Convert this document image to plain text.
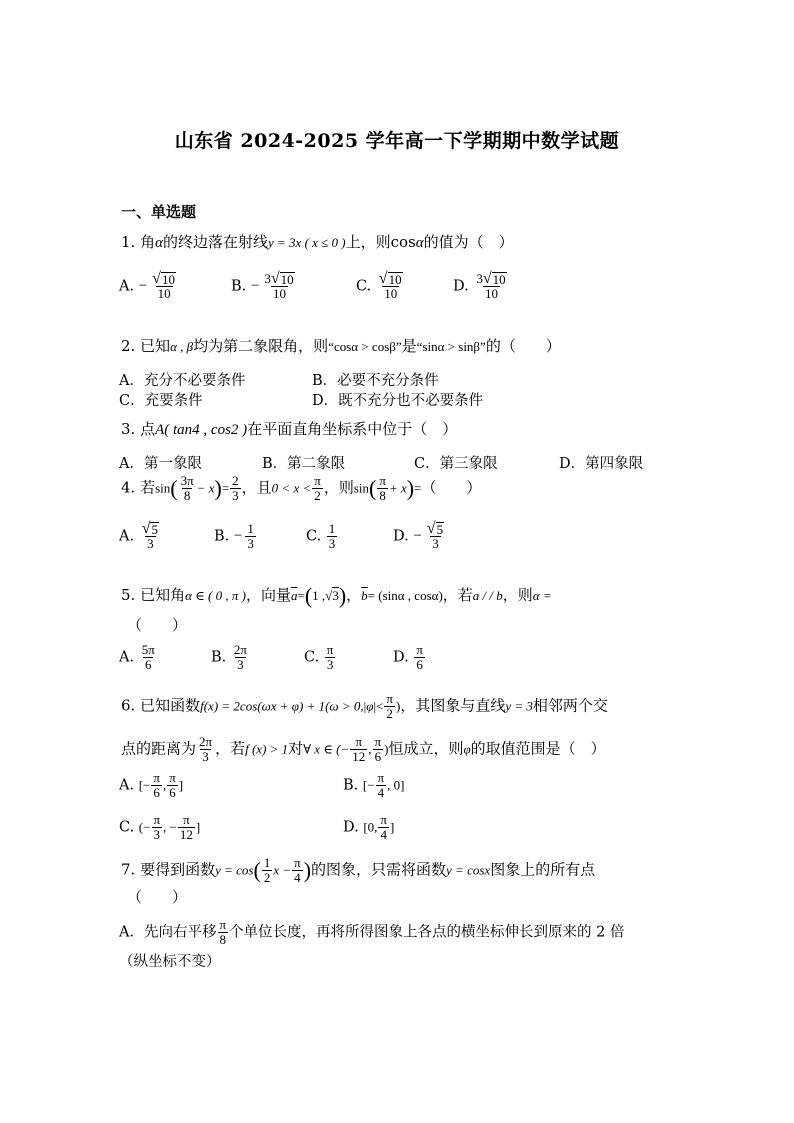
山东省 2024-2025 学年高一下学期期中数学试题
一、单选题
1. 角α的终边落在射线y = 3x ( x ≤ 0 )上，则cosα的值为（　）
A. − $\frac{√ 10}{10}$	B. − $\frac{3 √ 10}{10}$	C. $\frac{√ 10}{10}$	D. $\frac{3 √ 10}{10}$
2. 已知α , β均为第二象限角，则“cosα > cosβ”是“sinα > sinβ”的（　　）
A．充分不必要条件	B．必要不充分条件
C．充要条件	D．既不充分也不必要条件
3. 点A( tan4 , cos2 )在平面直角坐标系中位于（　）
A．第一象限	B．第二象限	C．第三象限	D．第四象限
4. 若$\sin( \frac{3\pi}{8} - x)= \frac{2}{3}$ ，且$0 < x < \frac{\pi}{2}$ ，则$\sin( \frac{\pi}{8} + x)=$（　　）
A. $\frac{√ 5}{3}$	B. − $\frac{1}{3}$	C. $\frac{1}{3}$	D. − $\frac{√ 5}{3}$
5. 已知角α ∈ ( 0 , π )，向量$\overline{a}=(1$ ,√3)，$\overline{b}= (\sin\alpha$ , cosα)，若a / / b，则α =
（　　）
A. $\frac{5\pi}{6}$	B. $\frac{2\pi}{3}$	C. $\frac{\pi}{3}$	D. $\frac{\pi}{6}$
6. 已知函数$f(x) = 2\cos(\omega x + \varphi) + 1(\omega > 0,|\varphi|< \frac{\pi}{2}$ )，其图象与直线y = 3相邻两个交
点的距离为 $\frac{2\pi}{3}$ ，若f (x) > 1对∀ x ∈ (− $\frac{\pi}{12}$ , $\frac{\pi}{6}$ )恒成立，则φ的取值范围是（　）
A. [− $\frac{\pi}{6}$ , $\frac{\pi}{6}$ ]	B. [− $\frac{\pi}{4}$ , 0]
C. (− $\frac{\pi}{3}$ , − $\frac{\pi}{12}$ ]	D. [0, $\frac{\pi}{4}$ ]
7. 要得到函数$y = \cos( \frac{1}{2}$ $x - \frac{\pi}{4}$ )的图象，只需将函数y = cosx图象上的所有点
（　　）
A．先向右平移 $\frac{\pi}{8}$ 个单位长度，再将所得图象上各点的横坐标伸长到原来的 2 倍
（纵坐标不变）
